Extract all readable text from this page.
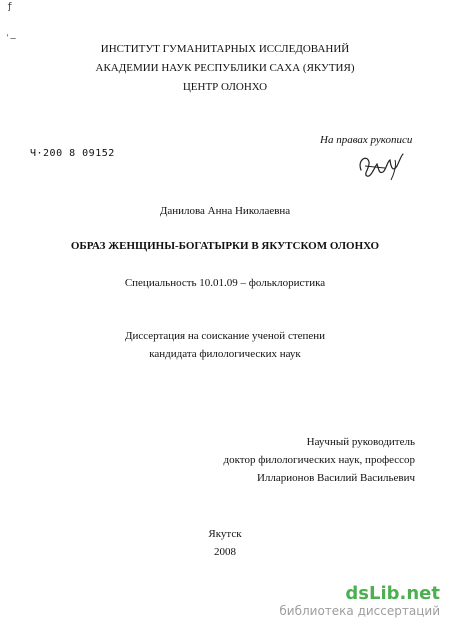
ƒ
ˈ–
ИНСТИТУТ ГУМАНИТАРНЫХ ИССЛЕДОВАНИЙ
АКАДЕМИИ НАУК РЕСПУБЛИКИ САХА (ЯКУТИЯ)
ЦЕНТР ОЛОНХО
На правах рукописи
Ч·200 8 09152
Данилова Анна Николаевна
ОБРАЗ ЖЕНЩИНЫ-БОГАТЫРКИ В ЯКУТСКОМ ОЛОНХО
Специальность 10.01.09 – фольклористика
Диссертация на соискание ученой степени
кандидата филологических наук
Научный руководитель
доктор филологических наук, профессор
Илларионов Василий Васильевич
Якутск
2008
dsLib.net
библиотека диссертаций
